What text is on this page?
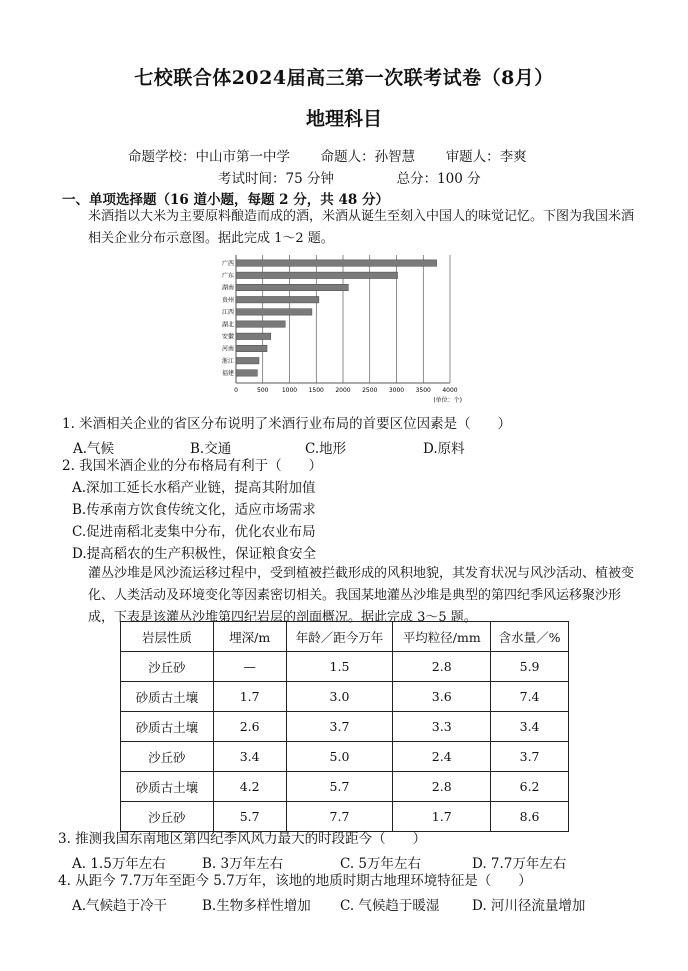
七校联合体2024届高三第一次联考试卷（8月）
地理科目
命题学校：中山市第一中学 命题人：孙智慧 审题人：李爽
考试时间：75 分钟	总分：100 分
一、单项选择题（16 道小题，每题 2 分，共 48 分）
米酒指以大米为主要原料酿造而成的酒，米酒从诞生至刻入中国人的味觉记忆。下图为我国米酒相关企业分布示意图。据此完成 1～2 题。
广西
广东
湖南
贵州
江西
湖北
安徽
河南
浙江
福建
0	500 1000 1500 2000 2500 3000 3500 4000
(单位：个)
1. 米酒相关企业的省区分布说明了米酒行业布局的首要区位因素是（　　）
A.气候	B.交通	C.地形	D.原料
2. 我国米酒企业的分布格局有利于（　　）
A.深加工延长水稻产业链，提高其附加值
B.传承南方饮食传统文化，适应市场需求
C.促进南稻北麦集中分布，优化农业布局
D.提高稻农的生产积极性，保证粮食安全
灌丛沙堆是风沙流运移过程中，受到植被拦截形成的风积地貌，其发育状况与风沙活动、植被变化、人类活动及环境变化等因素密切相关。我国某地灌丛沙堆是典型的第四纪季风运移聚沙形成，下表是该灌丛沙堆第四纪岩层的剖面概况。据此完成 3～5 题。
岩层性质	埋深/m	年龄／距今万年	平均粒径/mm	含水量／%
沙丘砂	—	1.5	2.8	5.9
砂质古土壤	1.7	3.0	3.6	7.4
砂质古土壤	2.6	3.7	3.3	3.4
沙丘砂	3.4	5.0	2.4	3.7
砂质古土壤	4.2	5.7	2.8	6.2
沙丘砂	5.7	7.7	1.7	8.6
3. 推测我国东南地区第四纪季风风力最大的时段距今（　　）
A. 1.5万年左右	B. 3万年左右	C. 5万年左右	D. 7.7万年左右
4. 从距今 7.7万年至距今 5.7万年，该地的地质时期古地理环境特征是（　　）
A.气候趋于冷干	B.生物多样性增加 C. 气候趋于暖湿 D. 河川径流量增加
